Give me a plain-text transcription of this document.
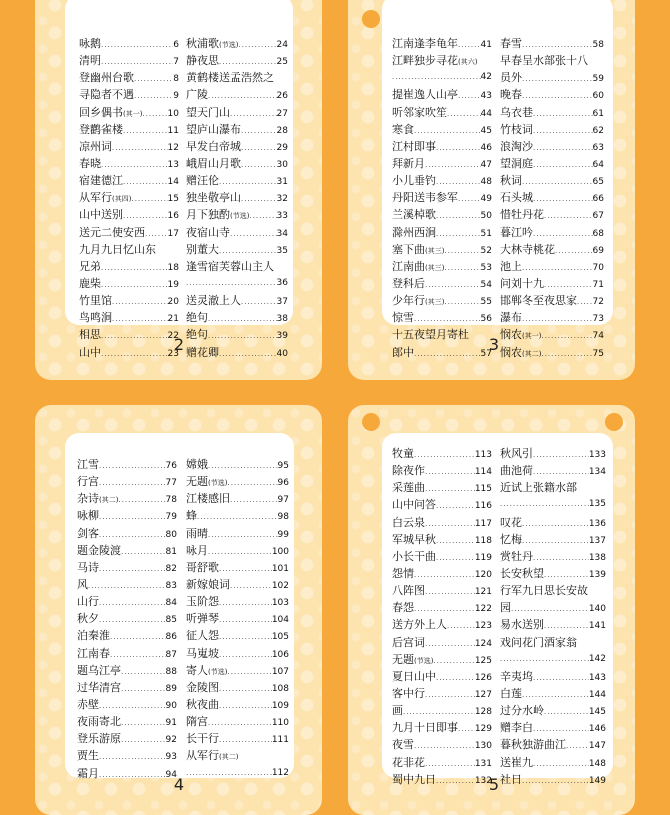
咏鹅 .....	6
清明 .....	7
登幽州台歌 .....	8
寻隐者不遇 .....	9
回乡偶书 (其一) .....	10
登鹳雀楼 .....	11
凉州词 .....	12
春晓 .....	13
宿建德江 .....	14
从军行 (其四) .....	15
山中送别 .....	16
送元二使安西 .....	17
九月九日忆山东
兄弟 .....	18
鹿柴 .....	19
竹里馆 .....	20
鸟鸣涧 .....	21
相思 .....	22
山中 .....	23
秋浦歌 (节选) .....	24
静夜思 .....	25
黄鹤楼送孟浩然之
广陵 .....	26
望天门山 .....	27
望庐山瀑布 .....	28
早发白帝城 .....	29
峨眉山月歌 .....	30
赠汪伦 .....	31
独坐敬亭山 .....	32
月下独酌 (节选) .....	33
夜宿山寺 .....	34
别董大 .....	35
逢雪宿芙蓉山主人
.....
36
送灵澈上人 .....	37
绝句 .....	38
绝句 .....	39
赠花卿 .....	40
2
江南逢李龟年 .....	41
江畔独步寻花 (其六)
.....
42
提崔逸人山亭 .....	43
听邻家吹笙 .....	44
寒食 .....	45
江村即事 .....	46
拜新月 .....	47
小儿垂钓 .....	48
丹阳送韦参军 .....	49
兰溪棹歌 .....	50
滁州西涧 .....	51
塞下曲 (其三) .....	52
江南曲 (其三) .....	53
登科后 .....	54
少年行 (其三) .....	55
惊雪 .....	56
十五夜望月寄杜
郎中 .....	57
春雪 .....	58
早春呈水部张十八
员外 .....	59
晚春 .....	60
乌衣巷 .....	61
竹枝词 .....	62
浪淘沙 .....	63
望洞庭 .....	64
秋词 .....	65
石头城 .....	66
惜牡丹花 .....	67
暮江吟 .....	68
大林寺桃花 .....	69
池上 .....	70
问刘十九 .....	71
邯郸冬至夜思家 ..... 72
瀑布 .....	73
悯农 (其一) .....	74
悯农 (其二) .....	75
3
江雪 .....	76
行宫 .....	77
杂诗 (其二) .....	78
咏柳 .....	79
剑客 .....	80
题金陵渡 .....	81
马诗 .....	82
风 .....	83
山行 .....	84
秋夕 .....	85
泊秦淮 .....	86
江南春 .....	87
题乌江亭 .....	88
过华清宫 .....	89
赤壁 .....	90
夜雨寄北 .....	91
登乐游原 .....	92
贾生 .....	93
霜月 .....	94
嫦娥 .....	95
无题 (节选) .....	96
江楼感旧 .....	97
蜂 .....	98
雨晴 .....	99
咏月 .....	100
哥舒歌 .....	101
新嫁娘词 .....	102
玉阶怨 .....	103
听弹琴 .....	104
征人怨 .....	105
马嵬坡 .....	106
寄人 (节选) .....	107
金陵图 .....	108
秋夜曲 .....	109
隋宫 .....	110
长干行 .....	111
从军行 (其二)
.....
112
4
牧童 .....	113
除夜作 .....	114
采莲曲 .....	115
山中问答 .....	116
白云泉 .....	117
军城早秋 .....	118
小长干曲 .....	119
怨情 .....	120
八阵图 .....	121
春怨 .....	122
送方外上人 .....	123
后宫词 .....	124
无题 (节选) .....	125
夏日山中 .....	126
客中行 .....	127
画 .....	128
九月十日即事 ..... 129
夜雪 .....	130
花非花 .....	131
蜀中九日 .....	132
秋风引 .....	133
曲池荷 .....	134
近试上张籍水部
.....
135
叹花 .....	136
忆梅 .....	137
赏牡丹 .....	138
长安秋望 .....	139
行军九日思长安故
园 .....	140
易水送别 .....	141
戏问花门酒家翁
.....
142
辛夷坞 .....	143
白莲 .....	144
过分水岭 .....	145
赠李白 .....	146
暮秋独游曲江 .....	147
送崔九 .....	148
社日 .....	149
5
